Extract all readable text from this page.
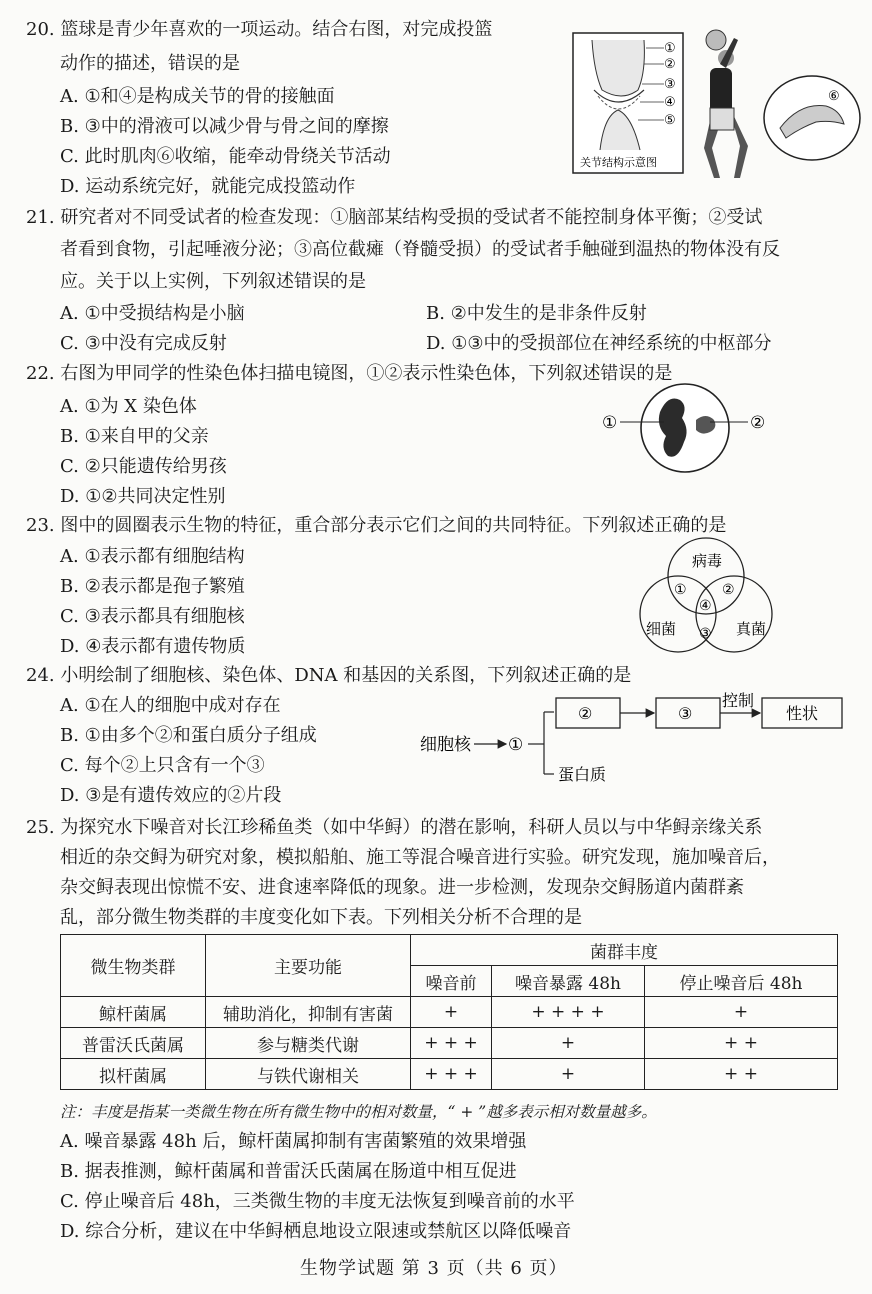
20. 篮球是青少年喜欢的一项运动。结合右图，对完成投篮
动作的描述，错误的是
A. ①和④是构成关节的骨的接触面
B. ③中的滑液可以减少骨与骨之间的摩擦
C. 此时肌肉⑥收缩，能牵动骨绕关节活动
D. 运动系统完好，就能完成投篮动作
①
②
③
④
⑤
关节结构示意图
⑥
21. 研究者对不同受试者的检查发现：①脑部某结构受损的受试者不能控制身体平衡；②受试
者看到食物，引起唾液分泌；③高位截瘫（脊髓受损）的受试者手触碰到温热的物体没有反
应。关于以上实例，下列叙述错误的是
A. ①中受损结构是小脑	B. ②中发生的是非条件反射
C. ③中没有完成反射	D. ①③中的受损部位在神经系统的中枢部分
22. 右图为甲同学的性染色体扫描电镜图，①②表示性染色体，下列叙述错误的是
A. ①为 X 染色体
B. ①来自甲的父亲
C. ②只能遗传给男孩
D. ①②共同决定性别
①	②
23. 图中的圆圈表示生物的特征，重合部分表示它们之间的共同特征。下列叙述正确的是
A. ①表示都有细胞结构
B. ②表示都是孢子繁殖
C. ③表示都具有细胞核
D. ④表示都有遗传物质
病毒
细菌	真菌
①	②
③
④
24. 小明绘制了细胞核、染色体、DNA 和基因的关系图，下列叙述正确的是
A. ①在人的细胞中成对存在
B. ①由多个②和蛋白质分子组成
C. 每个②上只含有一个③
D. ③是有遗传效应的②片段
细胞核 ①
②	③
控制
性状
蛋白质
25. 为探究水下噪音对长江珍稀鱼类（如中华鲟）的潜在影响，科研人员以与中华鲟亲缘关系
相近的杂交鲟为研究对象，模拟船舶、施工等混合噪音进行实验。研究发现，施加噪音后，
杂交鲟表现出惊慌不安、进食速率降低的现象。进一步检测，发现杂交鲟肠道内菌群紊
乱，部分微生物类群的丰度变化如下表。下列相关分析不合理的是
微生物类群	主要功能	菌群丰度		
		噪音前	噪音暴露 48h	停止噪音后 48h
鲸杆菌属	辅助消化，抑制有害菌	+	+ + + +	+
普雷沃氏菌属	参与糖类代谢	+ + +	+	+ +
拟杆菌属	与铁代谢相关	+ + +	+	+ +
注：丰度是指某一类微生物在所有微生物中的相对数量，“ + ”越多表示相对数量越多。
A. 噪音暴露 48h 后，鲸杆菌属抑制有害菌繁殖的效果增强
B. 据表推测，鲸杆菌属和普雷沃氏菌属在肠道中相互促进
C. 停止噪音后 48h，三类微生物的丰度无法恢复到噪音前的水平
D. 综合分析，建议在中华鲟栖息地设立限速或禁航区以降低噪音
生物学试题 第 3 页（共 6 页）
